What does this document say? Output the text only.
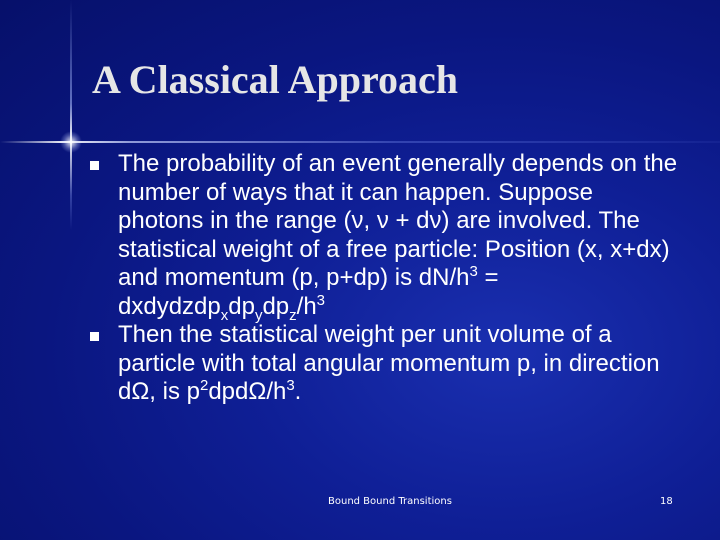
A Classical Approach
The probability of an event generally depends on the number of ways that it can happen. Suppose photons in the range (ν, ν + dν) are involved. The statistical weight of a free particle: Position (x, x+dx) and momentum (p, p+dp) is $dN/h^3$ = $dxdydzdp_xdp_ydp_z/h^3$
Then the statistical weight per unit volume of a particle with total angular momentum p, in direction dΩ, is $p^2dpd\Omega/h^3$.
Bound Bound Transitions	18
